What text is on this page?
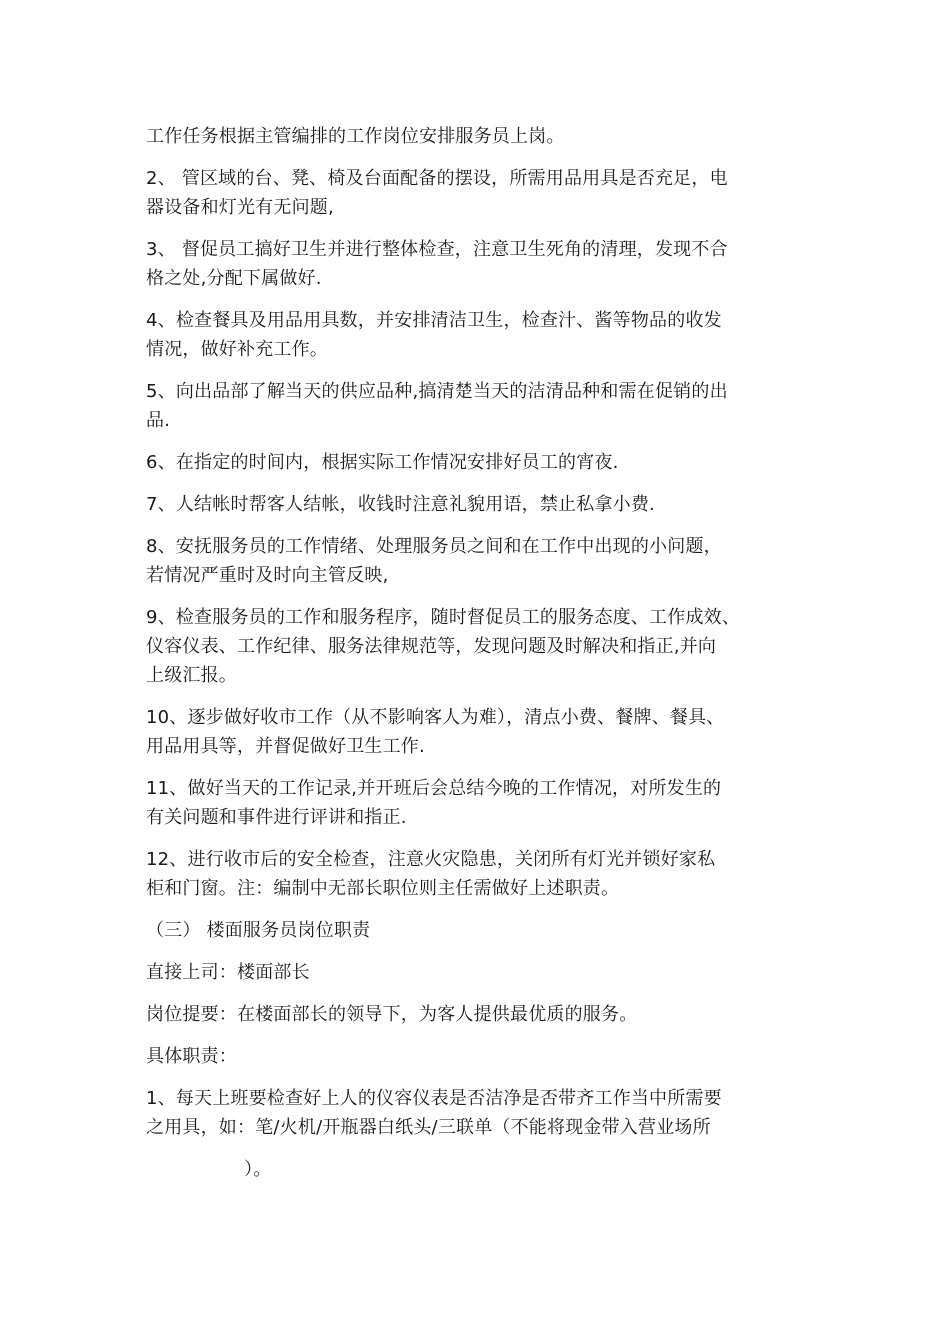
工作任务根据主管编排的工作岗位安排服务员上岗。
2、 管区域的台、凳、椅及台面配备的摆设，所需用品用具是否充足，电
器设备和灯光有无问题,
3、 督促员工搞好卫生并进行整体检查，注意卫生死角的清理，发现不合
格之处,分配下属做好.
4、检查餐具及用品用具数，并安排清洁卫生，检查汁、酱等物品的收发
情况，做好补充工作。
5、向出品部了解当天的供应品种,搞清楚当天的洁清品种和需在促销的出
品.
6、在指定的时间内，根据实际工作情况安排好员工的宵夜.
7、人结帐时帮客人结帐，收钱时注意礼貌用语，禁止私拿小费.
8、安抚服务员的工作情绪、处理服务员之间和在工作中出现的小问题，
若情况严重时及时向主管反映,
9、检查服务员的工作和服务程序，随时督促员工的服务态度、工作成效、
仪容仪表、工作纪律、服务法律规范等，发现问题及时解决和指正,并向
上级汇报。
10、逐步做好收市工作（从不影响客人为难），清点小费、餐牌、餐具、
用品用具等，并督促做好卫生工作.
11、做好当天的工作记录,并开班后会总结今晚的工作情况，对所发生的
有关问题和事件进行评讲和指正.
12、进行收市后的安全检查，注意火灾隐患，关闭所有灯光并锁好家私
柜和门窗。注：编制中无部长职位则主任需做好上述职责。
（三） 楼面服务员岗位职责
直接上司：楼面部长
岗位提要：在楼面部长的领导下，为客人提供最优质的服务。
具体职责：
1、每天上班要检查好上人的仪容仪表是否洁净是否带齐工作当中所需要
之用具，如：笔/火机/开瓶器白纸头/三联单（不能将现金带入营业场所
）。
